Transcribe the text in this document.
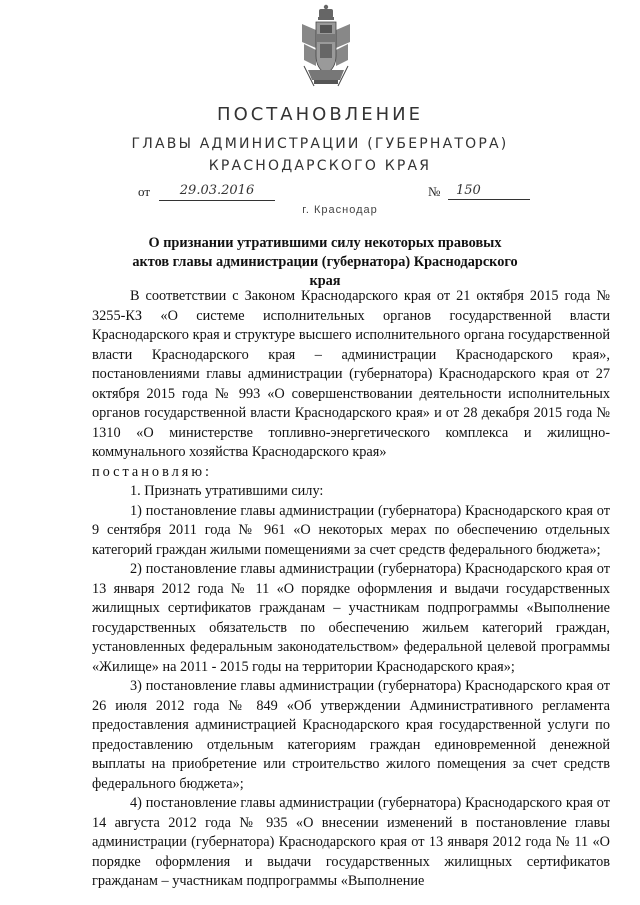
ПОСТАНОВЛЕНИЕ
ГЛАВЫ АДМИНИСТРАЦИИ (ГУБЕРНАТОРА)
КРАСНОДАРСКОГО КРАЯ
от	29.03.2016	№	150
г. Краснодар
О признании утратившими силу некоторых правовых актов главы администрации (губернатора) Краснодарского края

В соответствии с Законом Краснодарского края от 21 октября 2015 года № 3255-КЗ «О системе исполнительных органов государственной власти Краснодарского края и структуре высшего исполнительного органа государственной власти Краснодарского края – администрации Краснодарского края», постановлениями главы администрации (губернатора) Краснодарского края от 27 октября 2015 года № 993 «О совершенствовании деятельности исполнительных органов государственной власти Краснодарского края» и от 28 декабря 2015 года № 1310 «О министерстве топливно-энергетического комплекса и жилищно-коммунального хозяйства Краснодарского края»

постановляю:

1. Признать утратившими силу:

1) постановление главы администрации (губернатора) Краснодарского края от 9 сентября 2011 года № 961 «О некоторых мерах по обеспечению отдельных категорий граждан жилыми помещениями за счет средств федерального бюджета»;

2) постановление главы администрации (губернатора) Краснодарского края от 13 января 2012 года № 11 «О порядке оформления и выдачи государственных жилищных сертификатов гражданам – участникам подпрограммы «Выполнение государственных обязательств по обеспечению жильем категорий граждан, установленных федеральным законодательством» федеральной целевой программы «Жилище» на 2011 - 2015 годы на территории Краснодарского края»;

3) постановление главы администрации (губернатора) Краснодарского края от 26 июля 2012 года № 849 «Об утверждении Административного регламента предоставления администрацией Краснодарского края государственной услуги по предоставлению отдельным категориям граждан единовременной денежной выплаты на приобретение или строительство жилого помещения за счет средств федерального бюджета»;

4) постановление главы администрации (губернатора) Краснодарского края от 14 августа 2012 года № 935 «О внесении изменений в постановление главы администрации (губернатора) Краснодарского края от 13 января 2012 года № 11 «О порядке оформления и выдачи государственных жилищных сертификатов гражданам – участникам подпрограммы «Выполнение
